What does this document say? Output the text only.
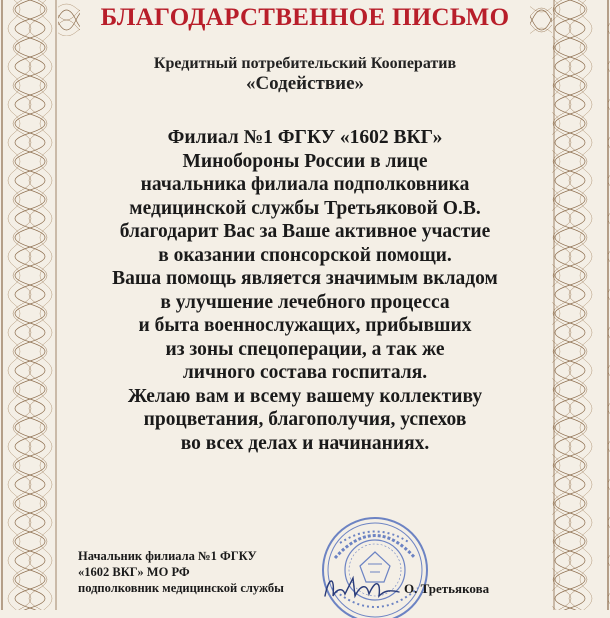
БЛАГОДАРСТВЕННОЕ ПИСЬМО
Кредитный потребительский Кооператив
«Содействие»
Филиал №1 ФГКУ «1602 ВКГ»
Минобороны России в лице
начальника филиала подполковника
медицинской службы Третьяковой О.В.
благодарит Вас за Ваше активное участие
в оказании спонсорской помощи.
Ваша помощь является значимым вкладом
в улучшение лечебного процесса
и быта военнослужащих, прибывших
из зоны спецоперации, а так же
личного состава госпиталя.
Желаю вам и всему вашему коллективу
процветания, благополучия, успехов
во всех делах и начинаниях.
Начальник филиала №1 ФГКУ
«1602 ВКГ» МО РФ
подполковник медицинской службы	О. Третьякова
